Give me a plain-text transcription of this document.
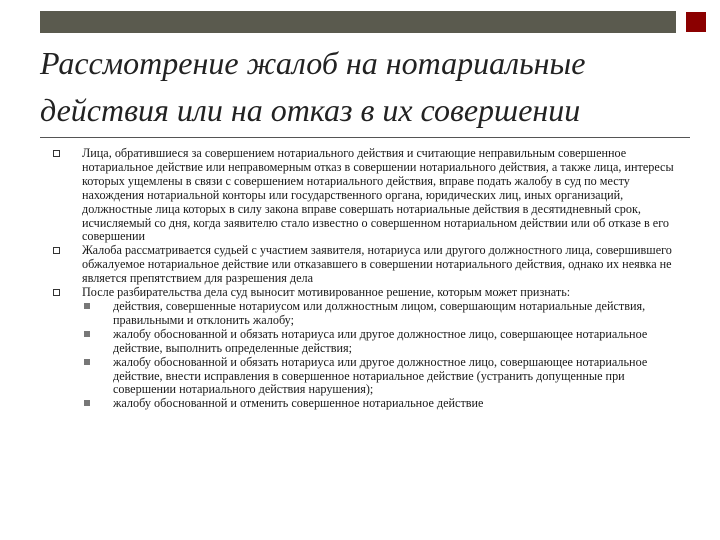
Рассмотрение жалоб на нотариальные
действия или на отказ в их совершении
Лица, обратившиеся за совершением нотариального действия и считающие неправильным совершенное нотариальное действие или неправомерным отказ в совершении нотариального действия, а также лица, интересы которых ущемлены в связи с совершением нотариального действия, вправе подать жалобу в суд по месту нахождения нотариальной конторы или государственного органа, юридических лиц, иных организаций, должностные лица которых в силу закона вправе совершать нотариальные действия в десятидневный срок, исчисляемый со дня, когда заявителю стало известно о совершенном нотариальном действии или об отказе в его совершении
Жалоба рассматривается судьей с участием заявителя, нотариуса или другого должностного лица, совершившего обжалуемое нотариальное действие или отказавшего в совершении нотариального действия, однако их неявка не является препятствием для разрешения дела
После разбирательства дела суд выносит мотивированное решение, которым может признать:
действия, совершенные нотариусом или должностным лицом, совершающим нотариальные действия, правильными и отклонить жалобу;
жалобу обоснованной и обязать нотариуса или другое должностное лицо, совершающее нотариальное действие, выполнить определенные действия;
жалобу обоснованной и обязать нотариуса или другое должностное лицо, совершающее нотариальное действие, внести исправления в совершенное нотариальное действие (устранить допущенные при совершении нотариального действия нарушения);
жалобу обоснованной и отменить совершенное нотариальное действие
